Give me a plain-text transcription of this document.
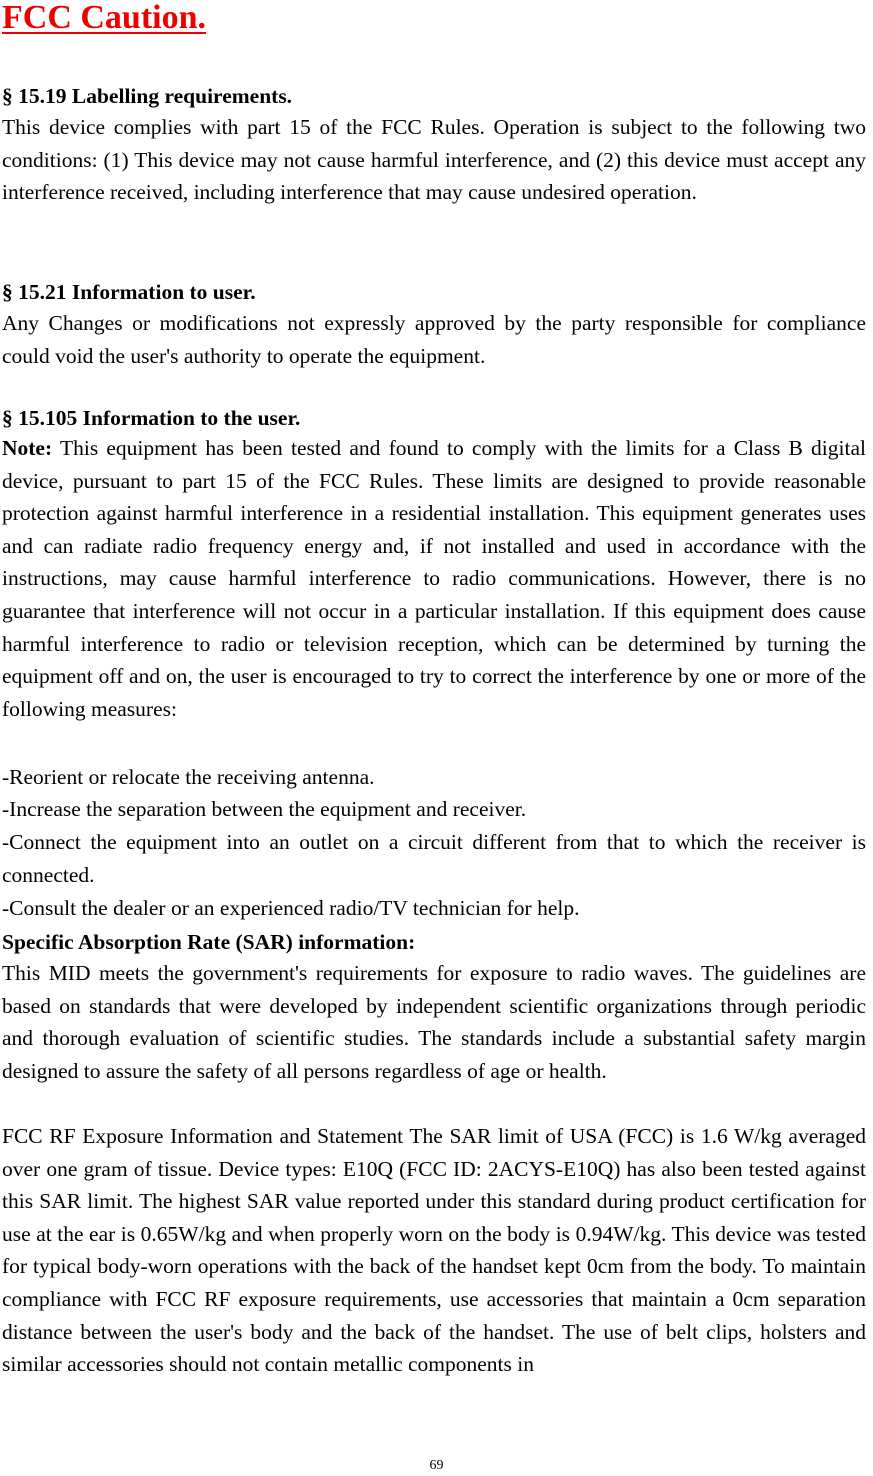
FCC Caution.
§ 15.19 Labelling requirements.

This device complies with part 15 of the FCC Rules. Operation is subject to the following two conditions: (1) This device may not cause harmful interference, and (2) this device must accept any interference received, including interference that may cause undesired operation.

§ 15.21 Information to user.

Any Changes or modifications not expressly approved by the party responsible for compliance could void the user's authority to operate the equipment.

§ 15.105 Information to the user.

Note: This equipment has been tested and found to comply with the limits for a Class B digital device, pursuant to part 15 of the FCC Rules. These limits are designed to provide reasonable protection against harmful interference in a residential installation. This equipment generates uses and can radiate radio frequency energy and, if not installed and used in accordance with the instructions, may cause harmful interference to radio communications. However, there is no guarantee that interference will not occur in a particular installation. If this equipment does cause harmful interference to radio or television reception, which can be determined by turning the equipment off and on, the user is encouraged to try to correct the interference by one or more of the following measures:

-Reorient or relocate the receiving antenna.
-Increase the separation between the equipment and receiver.

-Connect the equipment into an outlet on a circuit different from that to which the receiver is connected.

-Consult the dealer or an experienced radio/TV technician for help.
Specific Absorption Rate (SAR) information:

This MID meets the government's requirements for exposure to radio waves. The guidelines are based on standards that were developed by independent scientific organizations through periodic and thorough evaluation of scientific studies. The standards include a substantial safety margin designed to assure the safety of all persons regardless of age or health.

FCC RF Exposure Information and Statement The SAR limit of USA (FCC) is 1.6 W/kg averaged over one gram of tissue. Device types: E10Q (FCC ID: 2ACYS-E10Q) has also been tested against this SAR limit. The highest SAR value reported under this standard during product certification for use at the ear is 0.65W/kg and when properly worn on the body is 0.94W/kg. This device was tested for typical body-worn operations with the back of the handset kept 0cm from the body. To maintain compliance with FCC RF exposure requirements, use accessories that maintain a 0cm separation distance between the user's body and the back of the handset. The use of belt clips, holsters and similar accessories should not contain metallic components in

69
